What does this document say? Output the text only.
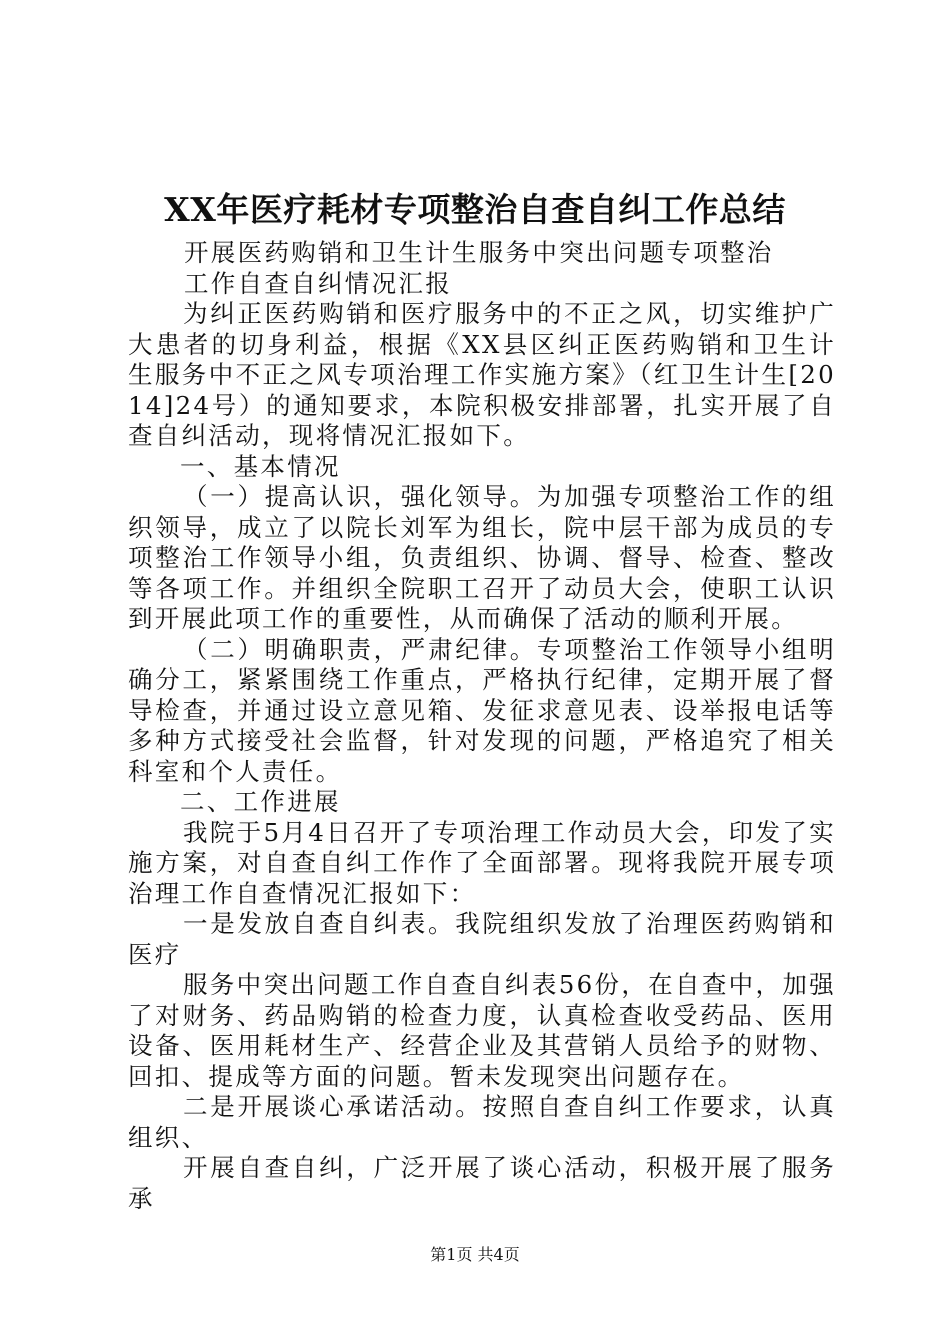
XX年医疗耗材专项整治自查自纠工作总结

开展医药购销和卫生计生服务中突出问题专项整治

工作自查自纠情况汇报

为纠正医药购销和医疗服务中的不正之风，切实维护广大患者的切身利益，根据《XX县区纠正医药购销和卫生计生服务中不正之风专项治理工作实施方案》（红卫生计生[2014]24号）的通知要求，本院积极安排部署，扎实开展了自查自纠活动，现将情况汇报如下。

一、基本情况

（一）提高认识，强化领导。为加强专项整治工作的组织领导，成立了以院长刘军为组长，院中层干部为成员的专项整治工作领导小组，负责组织、协调、督导、检查、整改等各项工作。并组织全院职工召开了动员大会，使职工认识到开展此项工作的重要性，从而确保了活动的顺利开展。

（二）明确职责，严肃纪律。专项整治工作领导小组明确分工，紧紧围绕工作重点，严格执行纪律，定期开展了督导检查，并通过设立意见箱、发征求意见表、设举报电话等多种方式接受社会监督，针对发现的问题，严格追究了相关科室和个人责任。

二、工作进展

我院于5月4日召开了专项治理工作动员大会，印发了实施方案，对自查自纠工作作了全面部署。现将我院开展专项治理工作自查情况汇报如下：

一是发放自查自纠表。我院组织发放了治理医药购销和医疗

服务中突出问题工作自查自纠表56份，在自查中，加强了对财务、药品购销的检查力度，认真检查收受药品、医用设备、医用耗材生产、经营企业及其营销人员给予的财物、回扣、提成等方面的问题。暂未发现突出问题存在。

二是开展谈心承诺活动。按照自查自纠工作要求，认真组织、

开展自查自纠，广泛开展了谈心活动，积极开展了服务承

第1页 共4页
